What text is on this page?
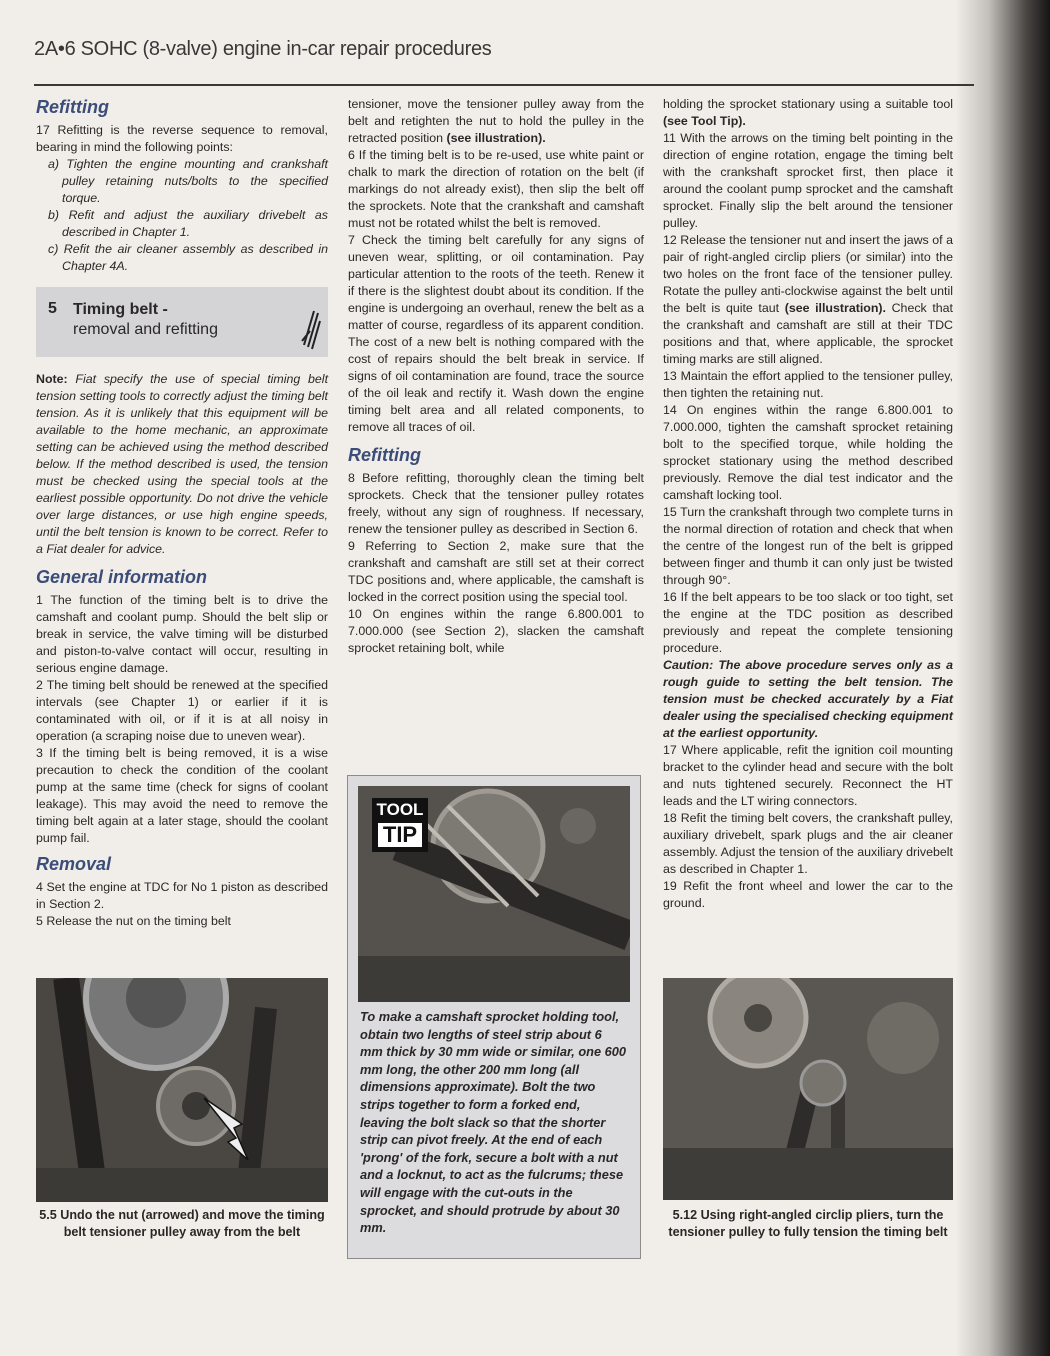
2A•6 SOHC (8-valve) engine in-car repair procedures
Refitting

17 Refitting is the reverse sequence to removal, bearing in mind the following points:

a) Tighten the engine mounting and crankshaft pulley retaining nuts/bolts to the specified torque.

b) Refit and adjust the auxiliary drivebelt as described in Chapter 1.

c) Refit the air cleaner assembly as described in Chapter 4A.

5 Timing belt -
removal and refitting

Note: Fiat specify the use of special timing belt tension setting tools to correctly adjust the timing belt tension. As it is unlikely that this equipment will be available to the home mechanic, an approximate setting can be achieved using the method described below. If the method described is used, the tension must be checked using the special tools at the earliest possible opportunity. Do not drive the vehicle over large distances, or use high engine speeds, until the belt tension is known to be correct. Refer to a Fiat dealer for advice.

General information

1 The function of the timing belt is to drive the camshaft and coolant pump. Should the belt slip or break in service, the valve timing will be disturbed and piston-to-valve contact will occur, resulting in serious engine damage.

2 The timing belt should be renewed at the specified intervals (see Chapter 1) or earlier if it is contaminated with oil, or if it is at all noisy in operation (a scraping noise due to uneven wear).

3 If the timing belt is being removed, it is a wise precaution to check the condition of the coolant pump at the same time (check for signs of coolant leakage). This may avoid the need to remove the timing belt again at a later stage, should the coolant pump fail.

Removal

4 Set the engine at TDC for No 1 piston as described in Section 2.

5 Release the nut on the timing belt

5.5 Undo the nut (arrowed) and move the timing belt tensioner pulley away from the belt

tensioner, move the tensioner pulley away from the belt and retighten the nut to hold the pulley in the retracted position (see illustration).

6 If the timing belt is to be re-used, use white paint or chalk to mark the direction of rotation on the belt (if markings do not already exist), then slip the belt off the sprockets. Note that the crankshaft and camshaft must not be rotated whilst the belt is removed.

7 Check the timing belt carefully for any signs of uneven wear, splitting, or oil contamination. Pay particular attention to the roots of the teeth. Renew it if there is the slightest doubt about its condition. If the engine is undergoing an overhaul, renew the belt as a matter of course, regardless of its apparent condition. The cost of a new belt is nothing compared with the cost of repairs should the belt break in service. If signs of oil contamination are found, trace the source of the oil leak and rectify it. Wash down the engine timing belt area and all related components, to remove all traces of oil.

Refitting

8 Before refitting, thoroughly clean the timing belt sprockets. Check that the tensioner pulley rotates freely, without any sign of roughness. If necessary, renew the tensioner pulley as described in Section 6.

9 Referring to Section 2, make sure that the crankshaft and camshaft are still set at their correct TDC positions and, where applicable, the camshaft is locked in the correct position using the special tool.

10 On engines within the range 6.800.001 to 7.000.000 (see Section 2), slacken the camshaft sprocket retaining bolt, while

TOOL
TIP
To make a camshaft sprocket holding tool, obtain two lengths of steel strip about 6 mm thick by 30 mm wide or similar, one 600 mm long, the other 200 mm long (all dimensions approximate). Bolt the two strips together to form a forked end, leaving the bolt slack so that the shorter strip can pivot freely. At the end of each 'prong' of the fork, secure a bolt with a nut and a locknut, to act as the fulcrums; these will engage with the cut-outs in the sprocket, and should protrude by about 30 mm.

holding the sprocket stationary using a suitable tool (see Tool Tip).

11 With the arrows on the timing belt pointing in the direction of engine rotation, engage the timing belt with the crankshaft sprocket first, then place it around the coolant pump sprocket and the camshaft sprocket. Finally slip the belt around the tensioner pulley.

12 Release the tensioner nut and insert the jaws of a pair of right-angled circlip pliers (or similar) into the two holes on the front face of the tensioner pulley. Rotate the pulley anti-clockwise against the belt until the belt is quite taut (see illustration). Check that the crankshaft and camshaft are still at their TDC positions and that, where applicable, the sprocket timing marks are still aligned.

13 Maintain the effort applied to the tensioner pulley, then tighten the retaining nut.

14 On engines within the range 6.800.001 to 7.000.000, tighten the camshaft sprocket retaining bolt to the specified torque, while holding the sprocket stationary using the method described previously. Remove the dial test indicator and the camshaft locking tool.

15 Turn the crankshaft through two complete turns in the normal direction of rotation and check that when the centre of the longest run of the belt is gripped between finger and thumb it can only just be twisted through 90°.

16 If the belt appears to be too slack or too tight, set the engine at the TDC position as described previously and repeat the complete tensioning procedure.

Caution: The above procedure serves only as a rough guide to setting the belt tension. The tension must be checked accurately by a Fiat dealer using the specialised checking equipment at the earliest opportunity.

17 Where applicable, refit the ignition coil mounting bracket to the cylinder head and secure with the bolt and nuts tightened securely. Reconnect the HT leads and the LT wiring connectors.

18 Refit the timing belt covers, the crankshaft pulley, auxiliary drivebelt, spark plugs and the air cleaner assembly. Adjust the tension of the auxiliary drivebelt as described in Chapter 1.

19 Refit the front wheel and lower the car to the ground.

5.12 Using right-angled circlip pliers, turn the tensioner pulley to fully tension the timing belt
